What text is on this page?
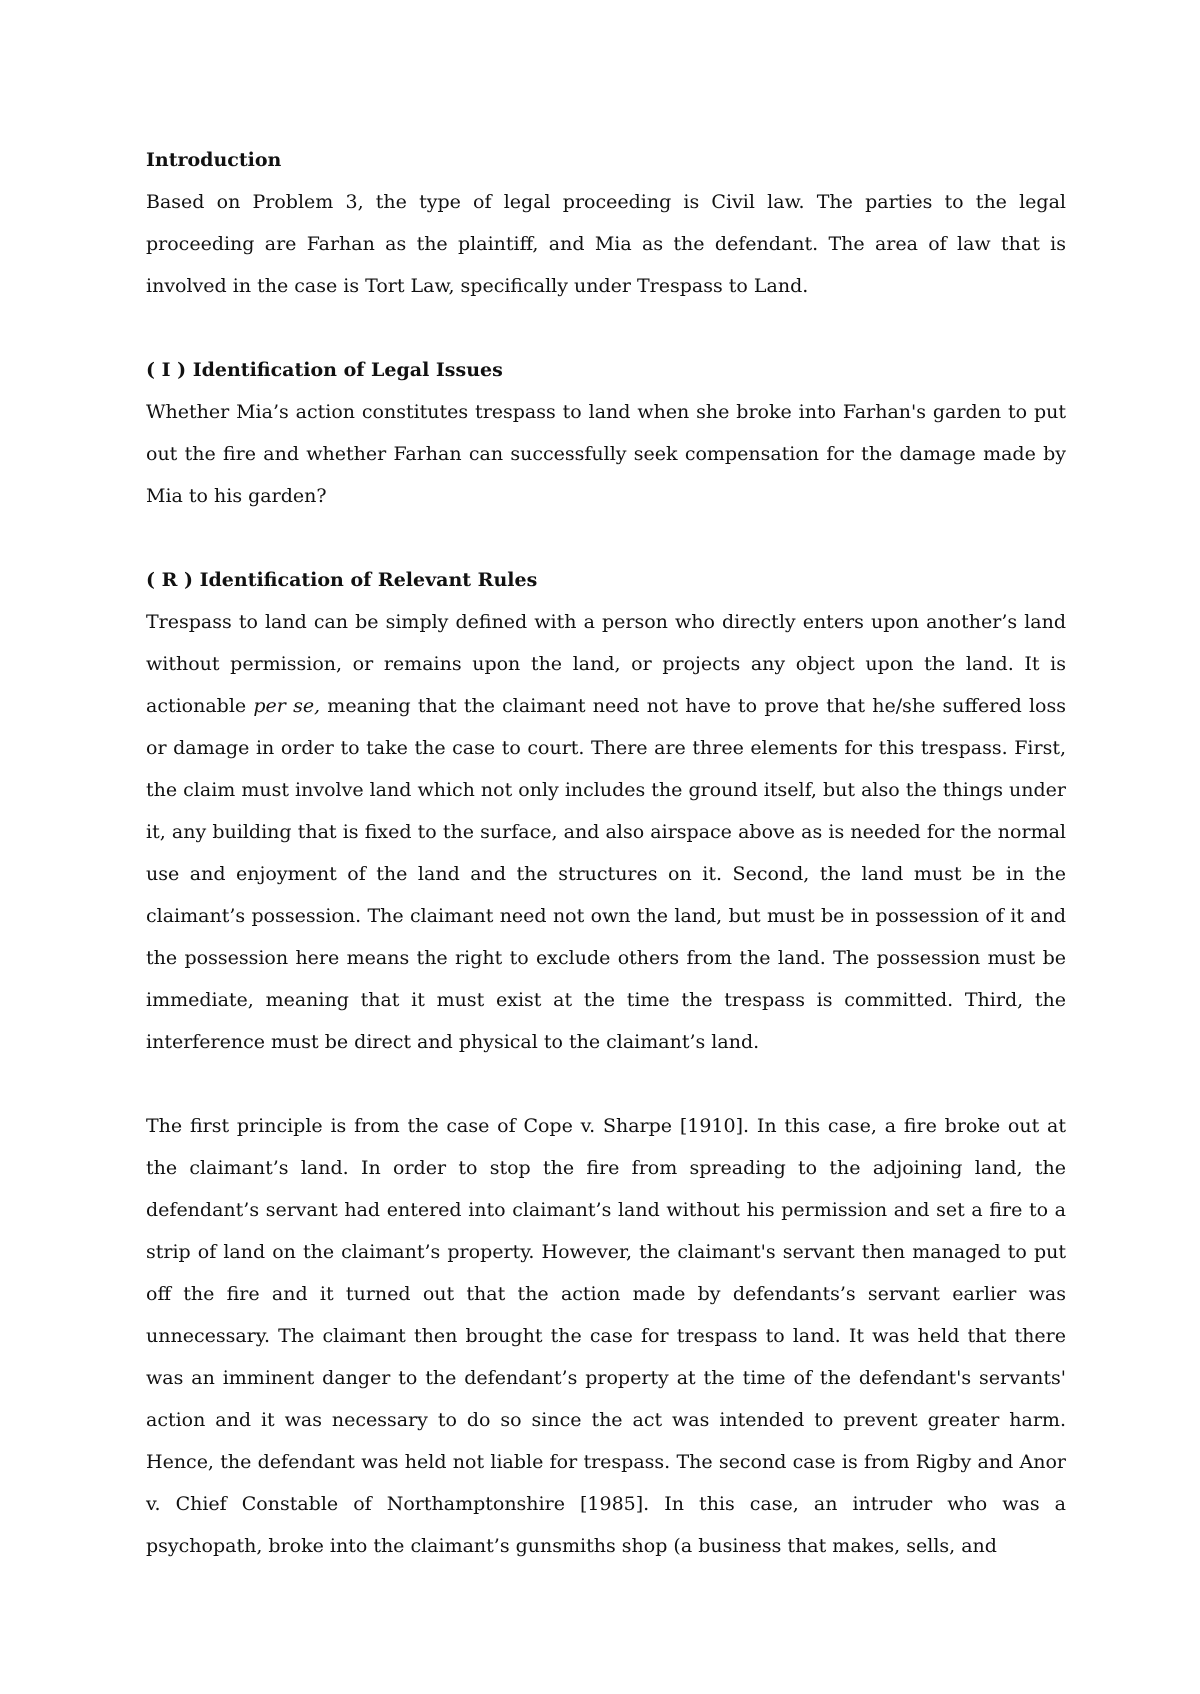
Introduction

Based on Problem 3, the type of legal proceeding is Civil law. The parties to the legal proceeding are Farhan as the plaintiff, and Mia as the defendant. The area of law that is involved in the case is Tort Law, specifically under Trespass to Land.

( I ) Identification of Legal Issues

Whether Mia’s action constitutes trespass to land when she broke into Farhan's garden to put out the fire and whether Farhan can successfully seek compensation for the damage made by Mia to his garden?

( R ) Identification of Relevant Rules

Trespass to land can be simply defined with a person who directly enters upon another’s land without permission, or remains upon the land, or projects any object upon the land. It is actionable per se, meaning that the claimant need not have to prove that he/she suffered loss or damage in order to take the case to court. There are three elements for this trespass. First, the claim must involve land which not only includes the ground itself, but also the things under it, any building that is fixed to the surface, and also airspace above as is needed for the normal use and enjoyment of the land and the structures on it. Second, the land must be in the claimant’s possession. The claimant need not own the land, but must be in possession of it and the possession here means the right to exclude others from the land. The possession must be immediate, meaning that it must exist at the time the trespass is committed. Third, the interference must be direct and physical to the claimant’s land.

The first principle is from the case of Cope v. Sharpe [1910]. In this case, a fire broke out at the claimant’s land. In order to stop the fire from spreading to the adjoining land, the defendant’s servant had entered into claimant’s land without his permission and set a fire to a strip of land on the claimant’s property. However, the claimant's servant then managed to put off the fire and it turned out that the action made by defendants’s servant earlier was unnecessary. The claimant then brought the case for trespass to land. It was held that there was an imminent danger to the defendant’s property at the time of the defendant's servants' action and it was necessary to do so since the act was intended to prevent greater harm. Hence, the defendant was held not liable for trespass. The second case is from Rigby and Anor v. Chief Constable of Northamptonshire [1985]. In this case, an intruder who was a psychopath, broke into the claimant’s gunsmiths shop (a business that makes, sells, and
